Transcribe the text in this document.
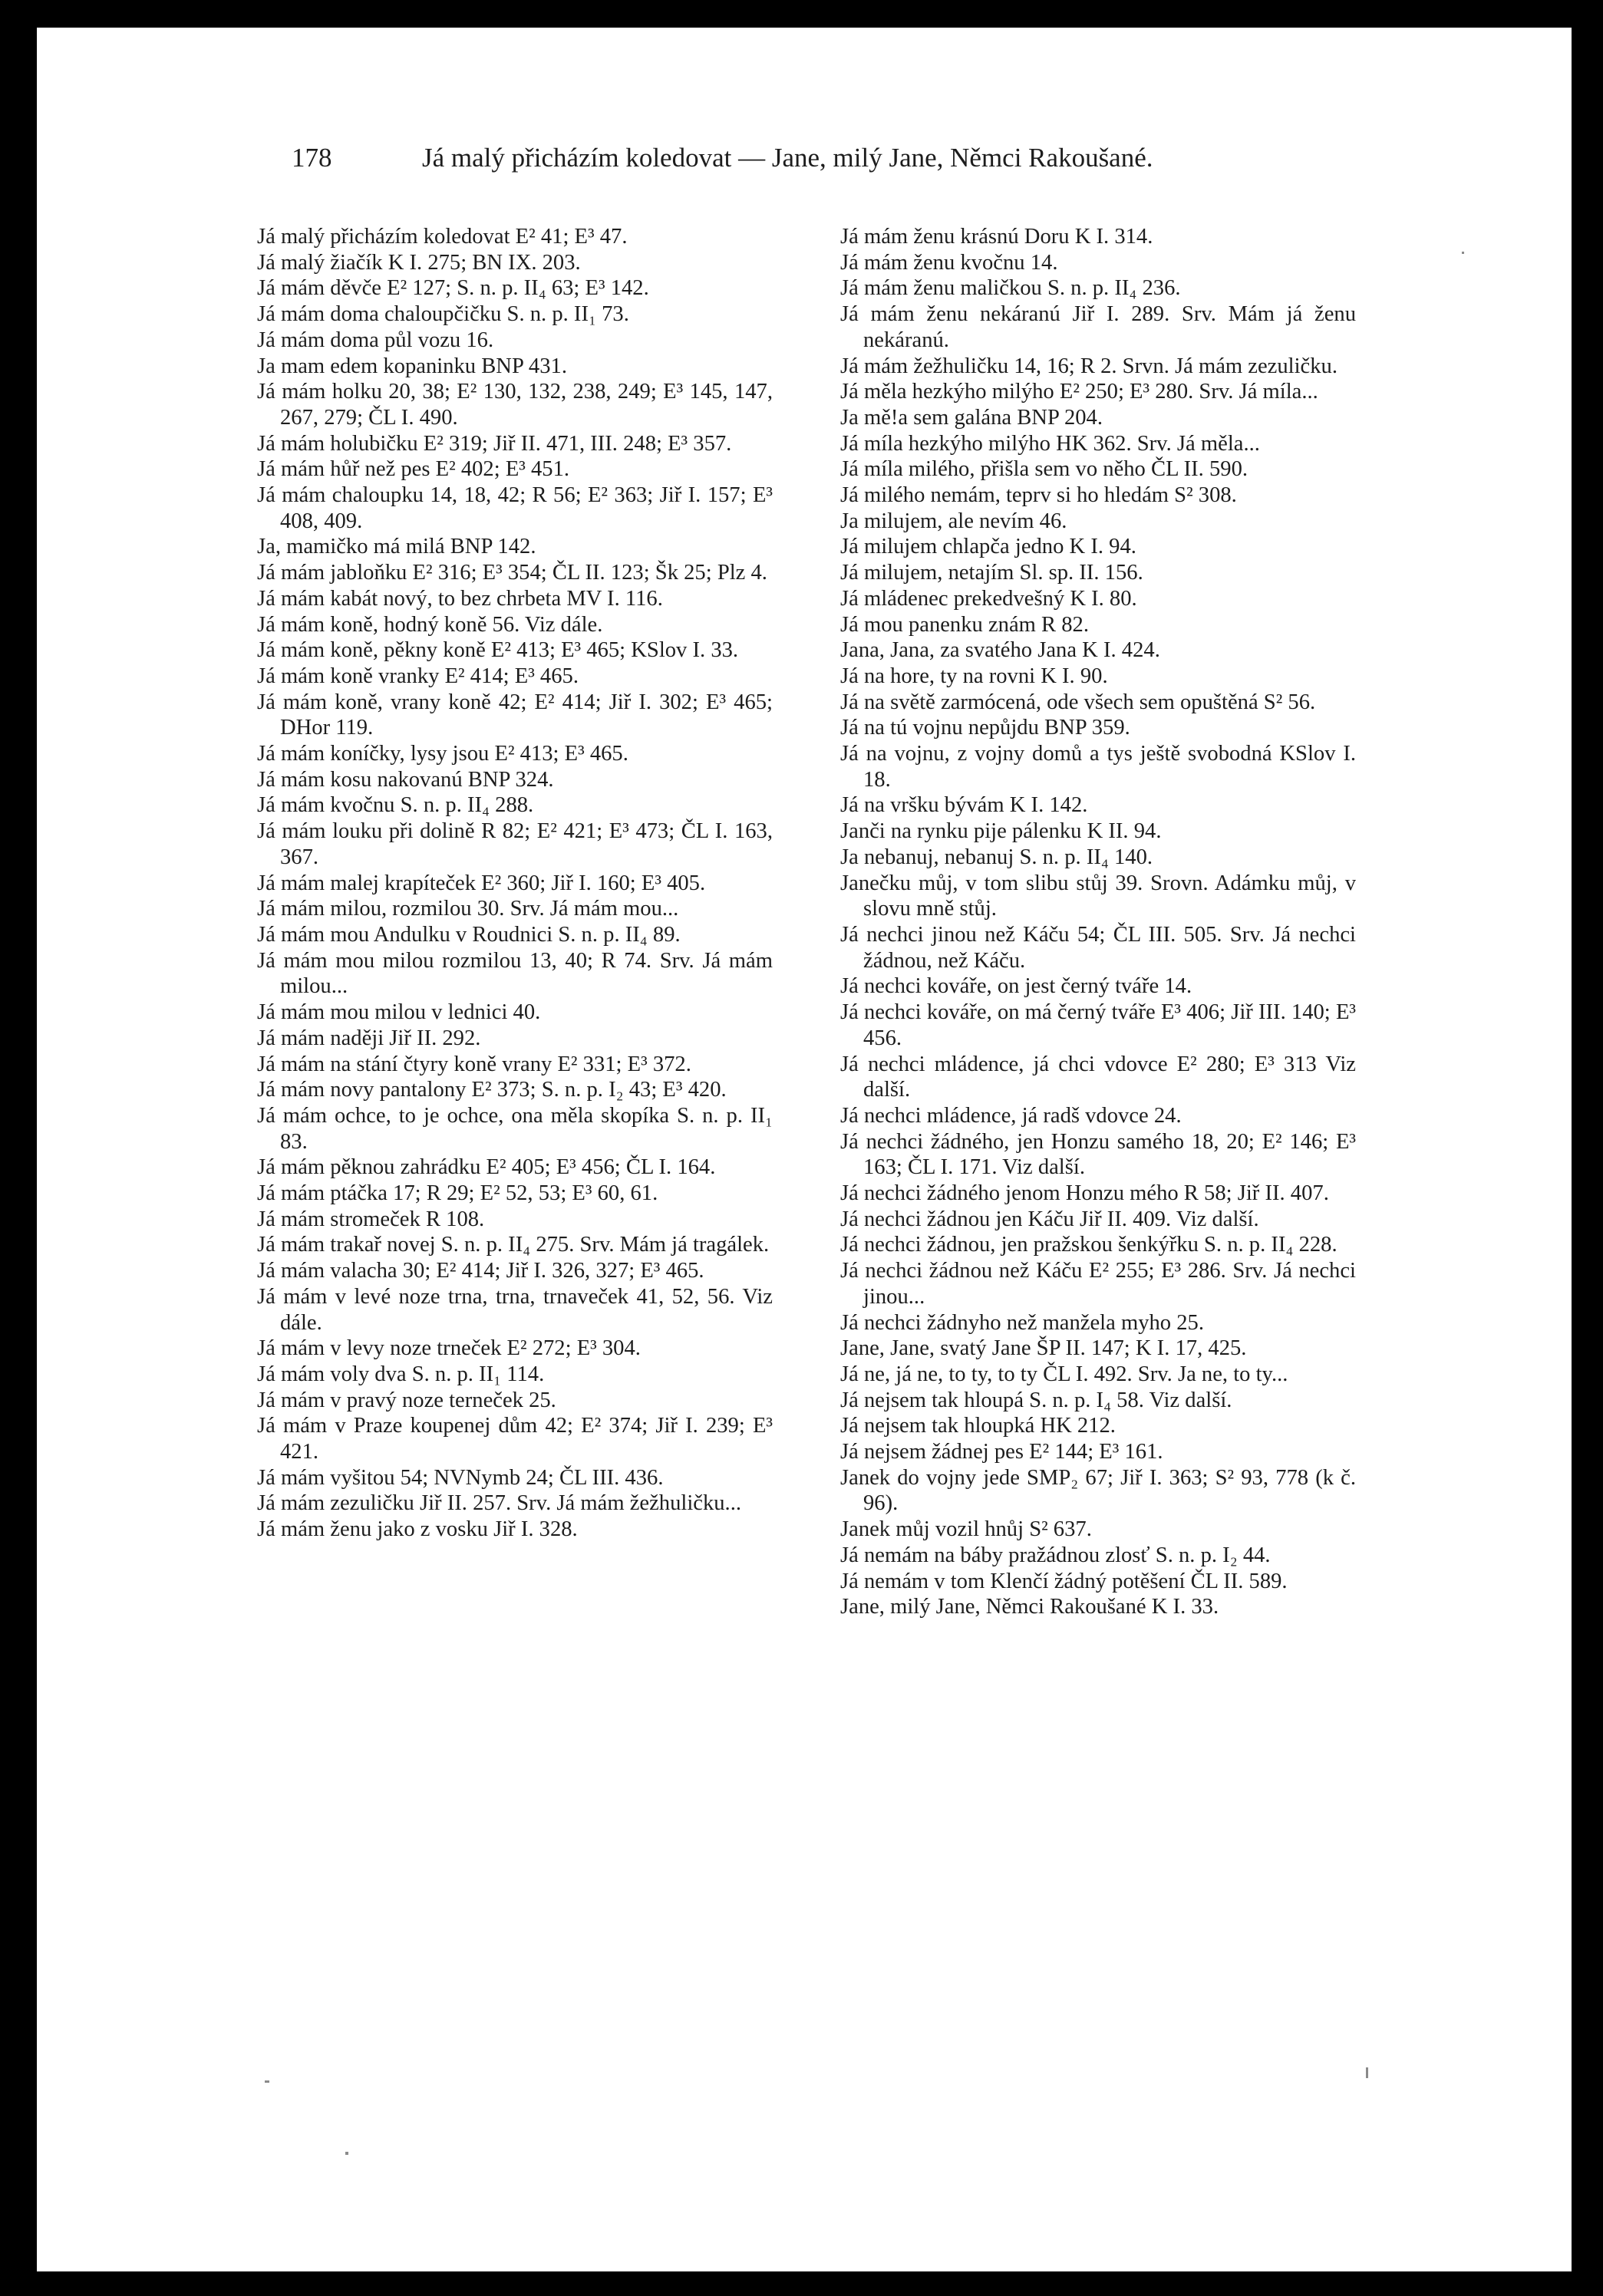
178	Já malý přicházím koledovat — Jane, milý Jane, Němci Rakoušané.

Já malý přicházím koledovat E² 41; E³ 47.

Já malý žiačík K I. 275; BN IX. 203.

Já mám děvče E² 127; S. n. p. II₄ 63; E³ 142.

Já mám doma chaloupčičku S. n. p. II₁ 73.

Já mám doma půl vozu 16.

Ja mam edem kopaninku BNP 431.

Já mám holku 20, 38; E² 130, 132, 238, 249; E³ 145, 147, 267, 279; ČL I. 490.

Já mám holubičku E² 319; Jiř II. 471, III. 248; E³ 357.

Já mám hůř než pes E² 402; E³ 451.

Já mám chaloupku 14, 18, 42; R 56; E² 363; Jiř I. 157; E³ 408, 409.

Ja, mamičko má milá BNP 142.

Já mám jabloňku E² 316; E³ 354; ČL II. 123; Šk 25; Plz 4.

Já mám kabát nový, to bez chrbeta MV I. 116.

Já mám koně, hodný koně 56. Viz dále.

Já mám koně, pěkny koně E² 413; E³ 465; KSlov I. 33.

Já mám koně vranky E² 414; E³ 465.

Já mám koně, vrany koně 42; E² 414; Jiř I. 302; E³ 465; DHor 119.

Já mám koníčky, lysy jsou E² 413; E³ 465.

Já mám kosu nakovanú BNP 324.

Já mám kvočnu S. n. p. II₄ 288.

Já mám louku při dolině R 82; E² 421; E³ 473; ČL I. 163, 367.

Já mám malej krapíteček E² 360; Jiř I. 160; E³ 405.

Já mám milou, rozmilou 30. Srv. Já mám mou...

Já mám mou Andulku v Roudnici S. n. p. II₄ 89.

Já mám mou milou rozmilou 13, 40; R 74. Srv. Já mám milou...

Já mám mou milou v lednici 40.

Já mám naději Jiř II. 292.

Já mám na stání čtyry koně vrany E² 331; E³ 372.

Já mám novy pantalony E² 373; S. n. p. I₂ 43; E³ 420.

Já mám ochce, to je ochce, ona měla skopíka S. n. p. II₁ 83.

Já mám pěknou zahrádku E² 405; E³ 456; ČL I. 164.

Já mám ptáčka 17; R 29; E² 52, 53; E³ 60, 61.

Já mám stromeček R 108.

Já mám trakař novej S. n. p. II₄ 275. Srv. Mám já tragálek.

Já mám valacha 30; E² 414; Jiř I. 326, 327; E³ 465.

Já mám v levé noze trna, trna, trnaveček 41, 52, 56. Viz dále.

Já mám v levy noze trneček E² 272; E³ 304.

Já mám voly dva S. n. p. II₁ 114.

Já mám v pravý noze terneček 25.

Já mám v Praze koupenej dům 42; E² 374; Jiř I. 239; E³ 421.

Já mám vyšitou 54; NVNymb 24; ČL III. 436.

Já mám zezuličku Jiř II. 257. Srv. Já mám žežhuličku...

Já mám ženu jako z vosku Jiř I. 328.

Já mám ženu krásnú Doru K I. 314.

Já mám ženu kvočnu 14.

Já mám ženu maličkou S. n. p. II₄ 236.

Já mám ženu nekáranú Jiř I. 289. Srv. Mám já ženu nekáranú.

Já mám žežhuličku 14, 16; R 2. Srvn. Já mám zezuličku.

Já měla hezkýho milýho E² 250; E³ 280. Srv. Já míla...

Ja mě!a sem galána BNP 204.

Já míla hezkýho milýho HK 362. Srv. Já měla...

Já míla milého, přišla sem vo něho ČL II. 590.

Já milého nemám, teprv si ho hledám S² 308.

Ja milujem, ale nevím 46.

Já milujem chlapča jedno K I. 94.

Já milujem, netajím Sl. sp. II. 156.

Já mládenec prekedvešný K I. 80.

Já mou panenku znám R 82.

Jana, Jana, za svatého Jana K I. 424.

Já na hore, ty na rovni K I. 90.

Já na světě zarmócená, ode všech sem opuštěná S² 56.

Já na tú vojnu nepůjdu BNP 359.

Já na vojnu, z vojny domů a tys ještě svobodná KSlov I. 18.

Já na vršku bývám K I. 142.

Janči na rynku pije pálenku K II. 94.

Ja nebanuj, nebanuj S. n. p. II₄ 140.

Janečku můj, v tom slibu stůj 39. Srovn. Adámku můj, v slovu mně stůj.

Já nechci jinou než Káču 54; ČL III. 505. Srv. Já nechci žádnou, než Káču.

Já nechci kováře, on jest černý tváře 14.

Já nechci kováře, on má černý tváře E³ 406; Jiř III. 140; E³ 456.

Já nechci mládence, já chci vdovce E² 280; E³ 313 Viz další.

Já nechci mládence, já radš vdovce 24.

Já nechci žádného, jen Honzu samého 18, 20; E² 146; E³ 163; ČL I. 171. Viz další.

Já nechci žádného jenom Honzu mého R 58; Jiř II. 407.

Já nechci žádnou jen Káču Jiř II. 409. Viz další.

Já nechci žádnou, jen pražskou šenkýřku S. n. p. II₄ 228.

Já nechci žádnou než Káču E² 255; E³ 286. Srv. Já nechci jinou...

Já nechci žádnyho než manžela myho 25.

Jane, Jane, svatý Jane ŠP II. 147; K I. 17, 425.

Já ne, já ne, to ty, to ty ČL I. 492. Srv. Ja ne, to ty...

Já nejsem tak hloupá S. n. p. I₄ 58. Viz další.

Já nejsem tak hloupká HK 212.

Já nejsem žádnej pes E² 144; E³ 161.

Janek do vojny jede SMP₂ 67; Jiř I. 363; S² 93, 778 (k č. 96).

Janek můj vozil hnůj S² 637.

Já nemám na báby pražádnou zlosť S. n. p. I₂ 44.

Já nemám v tom Klenčí žádný potěšení ČL II. 589.

Jane, milý Jane, Němci Rakoušané K I. 33.
